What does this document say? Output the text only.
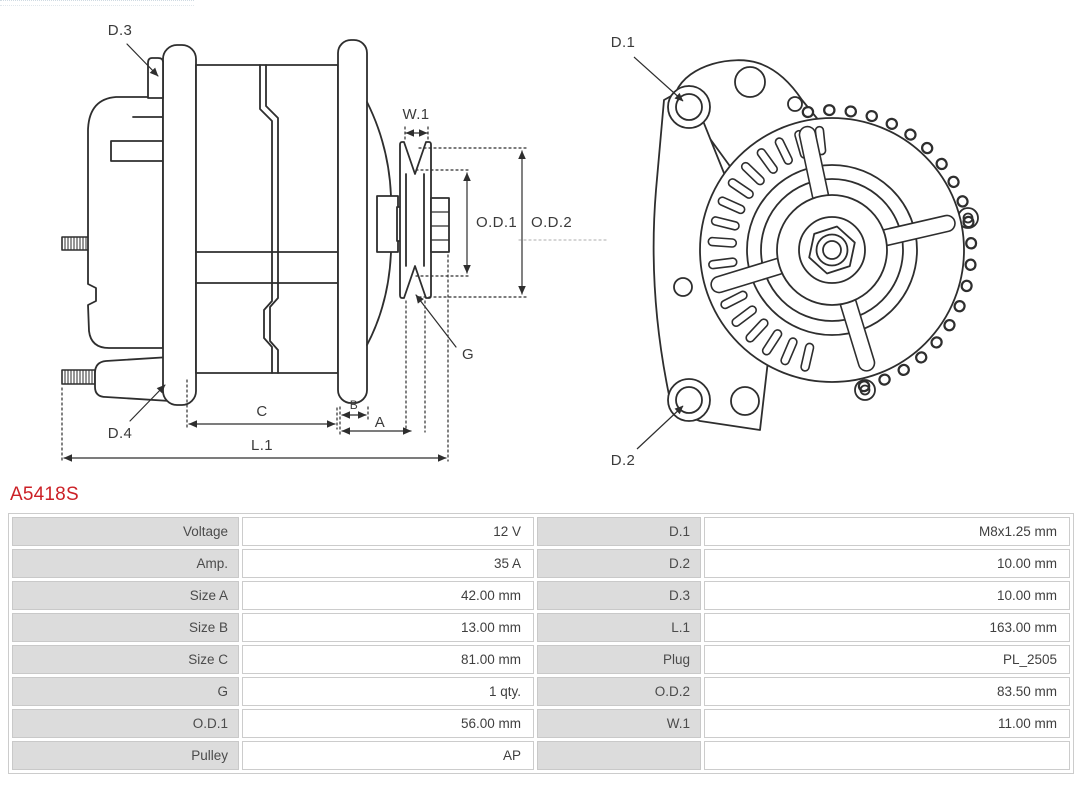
D.3
D.4
W.1
O.D.1 O.D.2
G
C	B
A
L.1
D.1
D.2
A5418S
Voltage	12 V	D.1	M8x1.25 mm
Amp.	35 A	D.2	10.00 mm
Size A	42.00 mm	D.3	10.00 mm
Size B	13.00 mm	L.1	163.00 mm
Size C	81.00 mm	Plug	PL_2505
G	1 qty.	O.D.2	83.50 mm
O.D.1	56.00 mm	W.1	11.00 mm
Pulley	AP		
